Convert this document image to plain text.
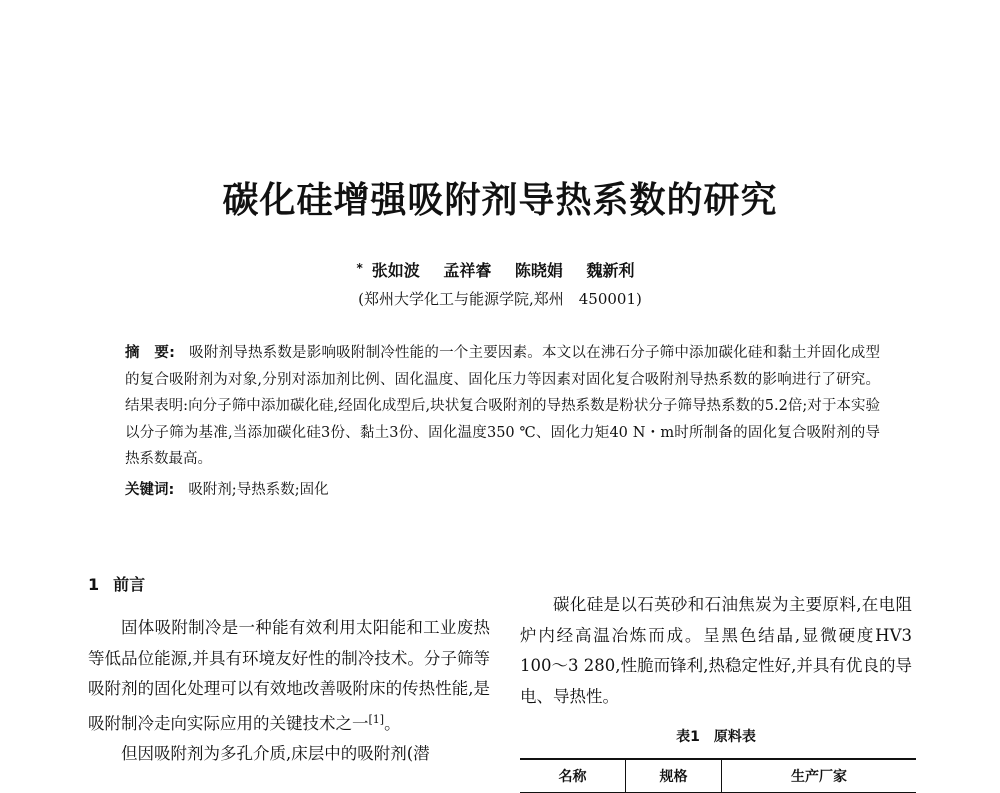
碳化硅增强吸附剂导热系数的研究
* 张如波 孟祥睿 陈晓娟 魏新利
(郑州大学化工与能源学院,郑州　450001)
摘　要: 吸附剂导热系数是影响吸附制冷性能的一个主要因素。本文以在沸石分子筛中添加碳化硅和黏土并固化成型的复合吸附剂为对象,分别对添加剂比例、固化温度、固化压力等因素对固化复合吸附剂导热系数的影响进行了研究。结果表明:向分子筛中添加碳化硅,经固化成型后,块状复合吸附剂的导热系数是粉状分子筛导热系数的5.2倍;对于本实验以分子筛为基准,当添加碳化硅3份、黏土3份、固化温度350 ℃、固化力矩40 N・m时所制备的固化复合吸附剂的导热系数最高。
关键词: 吸附剂;导热系数;固化
1 前言

固体吸附制冷是一种能有效利用太阳能和工业废热等低品位能源,并具有环境友好性的制冷技术。分子筛等吸附剂的固化处理可以有效地改善吸附床的传热性能,是吸附制冷走向实际应用的关键技术之一[1]。

但因吸附剂为多孔介质,床层中的吸附剂(潜

碳化硅是以石英砂和石油焦炭为主要原料,在电阻炉内经高温冶炼而成。呈黑色结晶,显微硬度HV3 100～3 280,性脆而锋利,热稳定性好,并具有优良的导电、导热性。

表1 原料表
名称	规格	生产厂家
